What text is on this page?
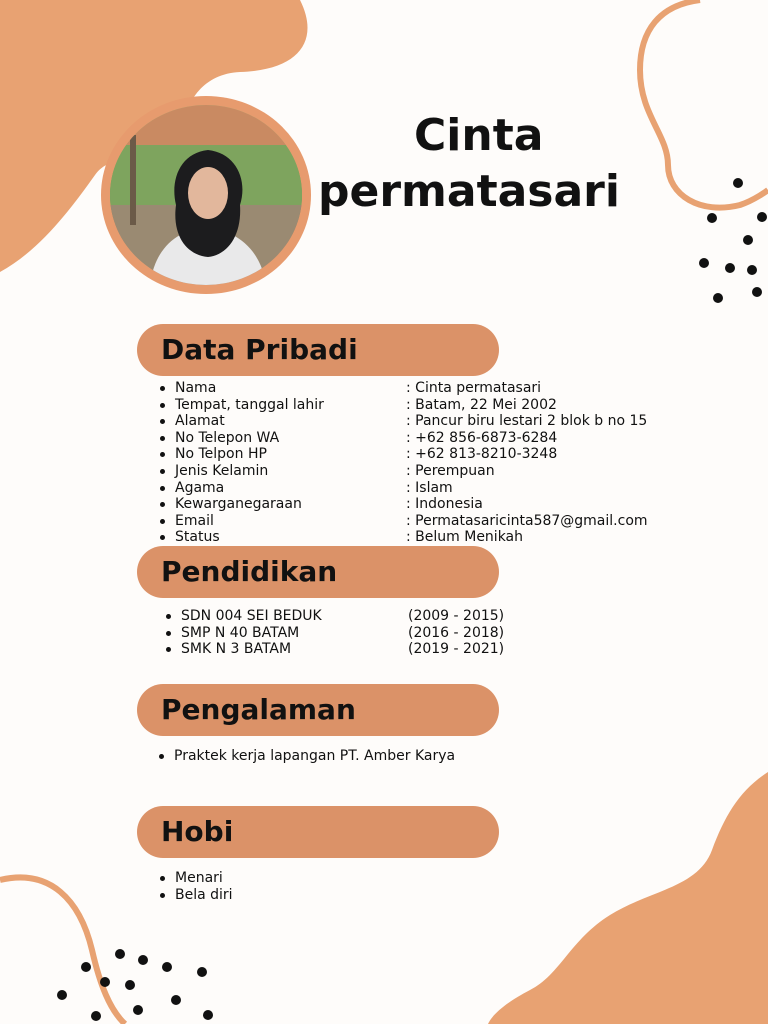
Cinta
permatasari
Data Pribadi
Nama	: Cinta permatasari
Tempat, tanggal lahir	: Batam, 22 Mei 2002
Alamat	: Pancur biru lestari 2 blok b no 15
No Telepon WA	: +62 856-6873-6284
No Telpon HP	: +62 813-8210-3248
Jenis Kelamin	: Perempuan
Agama	: Islam
Kewarganegaraan	: Indonesia
Email	: Permatasaricinta587@gmail.com
Status	: Belum Menikah
Pendidikan
SDN 004 SEI BEDUK	(2009 - 2015)
SMP N 40 BATAM	(2016 - 2018)
SMK N 3 BATAM	(2019 - 2021)
Pengalaman
Praktek kerja lapangan PT. Amber Karya
Hobi
Menari
Bela diri
